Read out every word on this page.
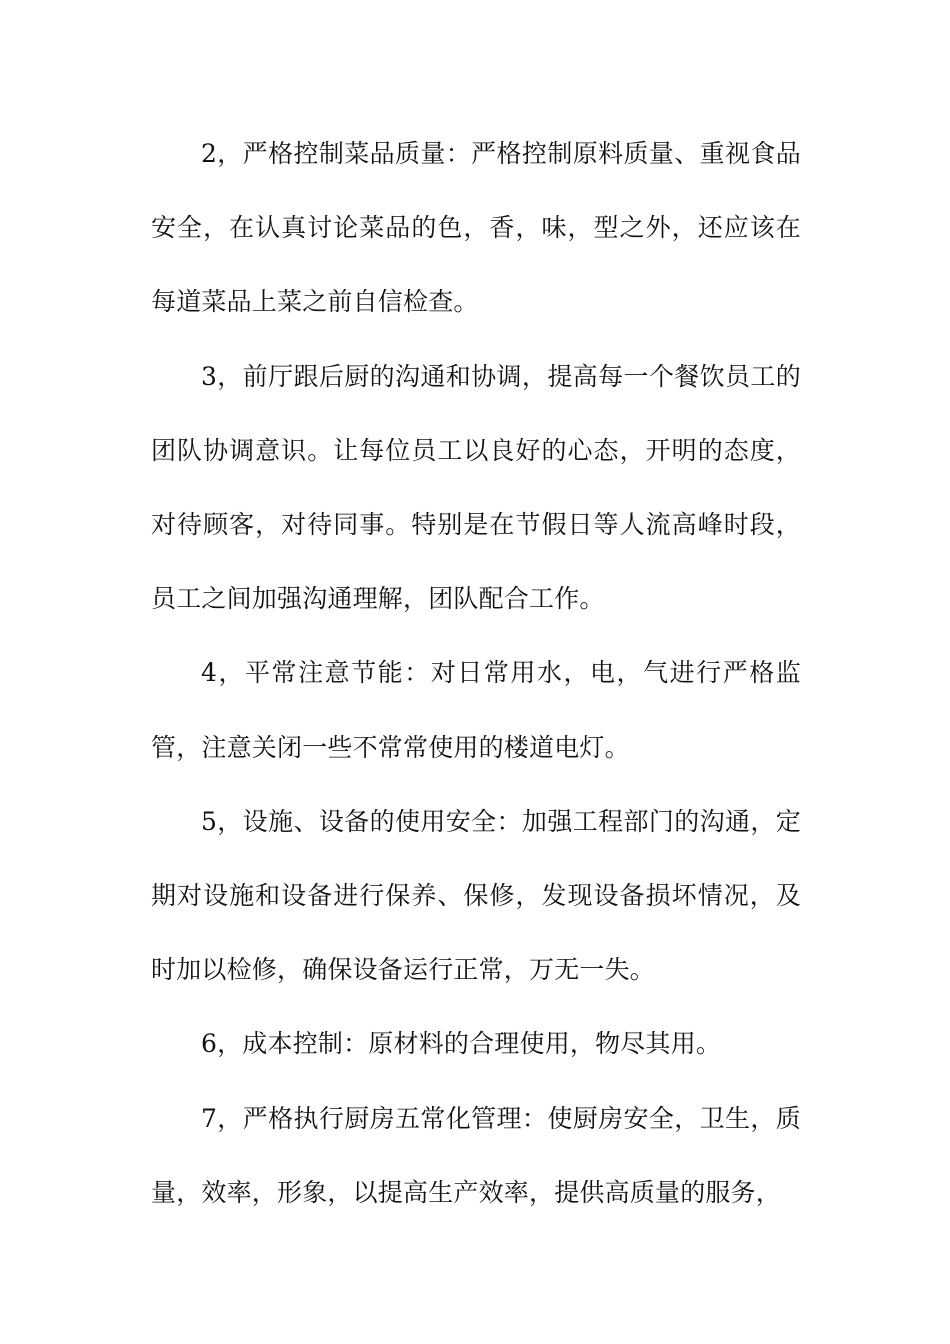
2，严格控制菜品质量：严格控制原料质量、重视食品安全，在认真讨论菜品的色，香，味，型之外，还应该在每道菜品上菜之前自信检查。

3，前厅跟后厨的沟通和协调，提高每一个餐饮员工的团队协调意识。让每位员工以良好的心态，开明的态度，对待顾客，对待同事。特别是在节假日等人流高峰时段，员工之间加强沟通理解，团队配合工作。

4，平常注意节能：对日常用水，电，气进行严格监管，注意关闭一些不常常使用的楼道电灯。

5，设施、设备的使用安全：加强工程部门的沟通，定期对设施和设备进行保养、保修，发现设备损坏情况，及时加以检修，确保设备运行正常，万无一失。

6，成本控制：原材料的合理使用，物尽其用。

7，严格执行厨房五常化管理：使厨房安全，卫生，质量，效率，形象，以提高生产效率，提供高质量的服务，
